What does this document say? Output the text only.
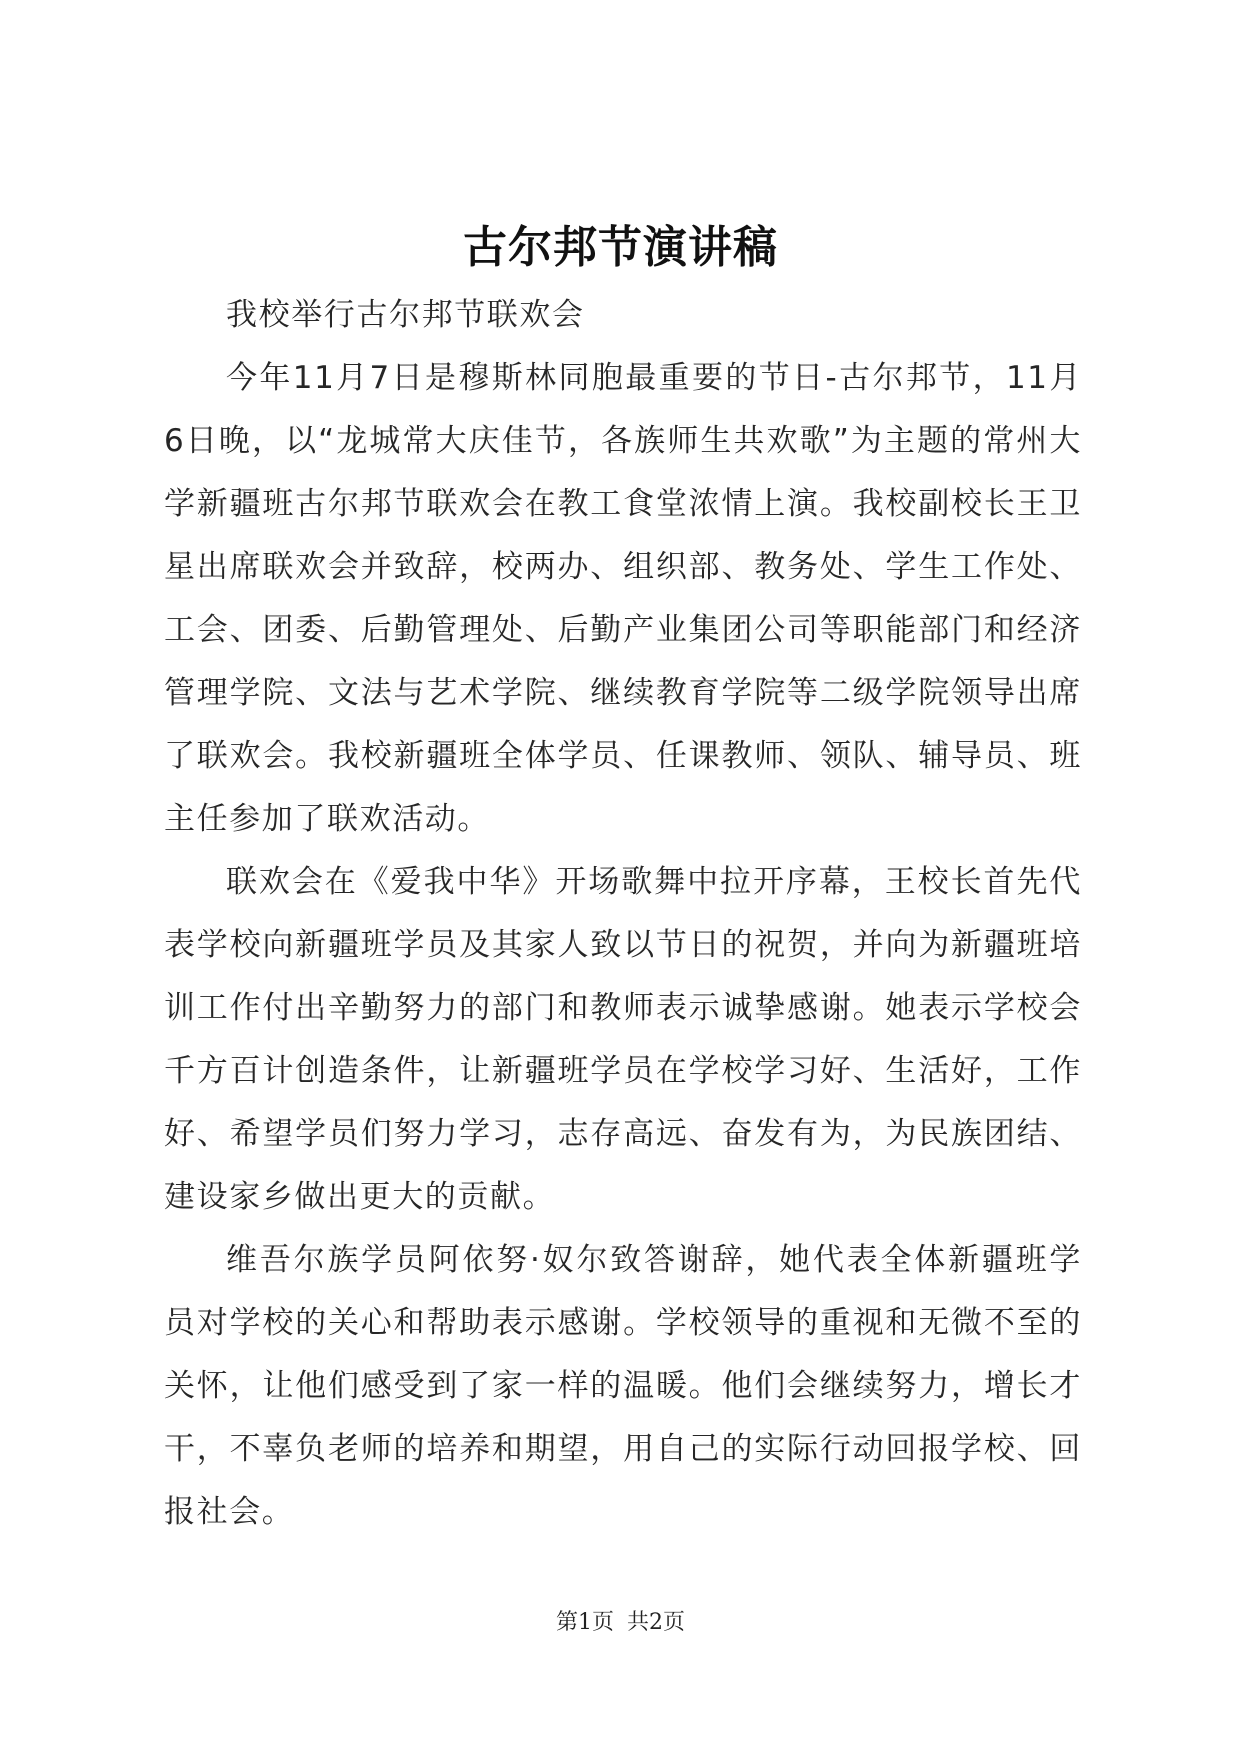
古尔邦节演讲稿

我校举行古尔邦节联欢会

今年11月7日是穆斯林同胞最重要的节日-古尔邦节，11月6日晚，以“龙城常大庆佳节，各族师生共欢歌”为主题的常州大学新疆班古尔邦节联欢会在教工食堂浓情上演。我校副校长王卫星出席联欢会并致辞，校两办、组织部、教务处、学生工作处、工会、团委、后勤管理处、后勤产业集团公司等职能部门和经济管理学院、文法与艺术学院、继续教育学院等二级学院领导出席了联欢会。我校新疆班全体学员、任课教师、领队、辅导员、班主任参加了联欢活动。

联欢会在《爱我中华》开场歌舞中拉开序幕，王校长首先代表学校向新疆班学员及其家人致以节日的祝贺，并向为新疆班培训工作付出辛勤努力的部门和教师表示诚挚感谢。她表示学校会千方百计创造条件，让新疆班学员在学校学习好、生活好，工作好、希望学员们努力学习，志存高远、奋发有为，为民族团结、建设家乡做出更大的贡献。

维吾尔族学员阿依努·奴尔致答谢辞，她代表全体新疆班学员对学校的关心和帮助表示感谢。学校领导的重视和无微不至的关怀，让他们感受到了家一样的温暖。他们会继续努力，增长才干，不辜负老师的培养和期望，用自己的实际行动回报学校、回报社会。

第1页 共2页
